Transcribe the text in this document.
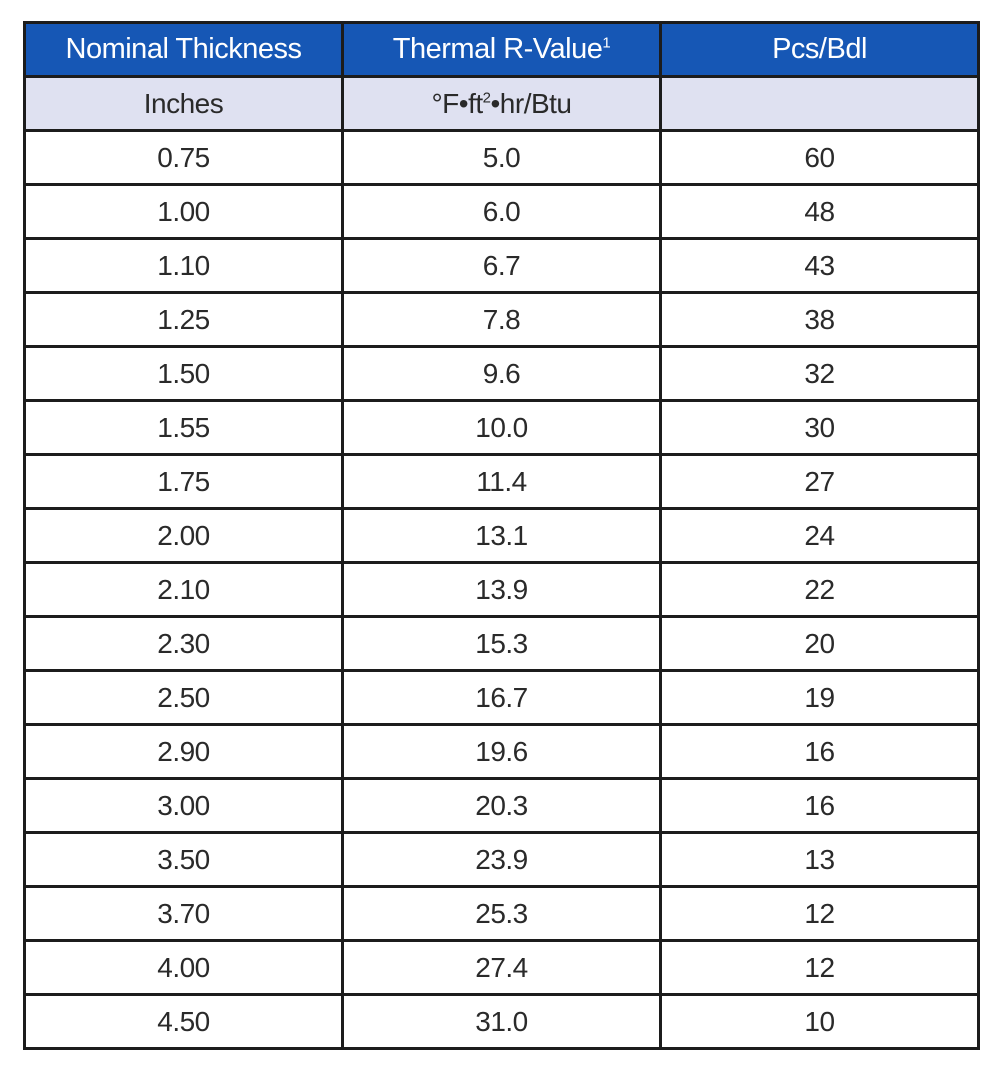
Nominal Thickness	Thermal R-Value$^1$	Pcs/Bdl
Inches	$^\circ F•ft^2•hr$/Btu	
0.75	5.0	60
1.00	6.0	48
1.10	6.7	43
1.25	7.8	38
1.50	9.6	32
1.55	10.0	30
1.75	11.4	27
2.00	13.1	24
2.10	13.9	22
2.30	15.3	20
2.50	16.7	19
2.90	19.6	16
3.00	20.3	16
3.50	23.9	13
3.70	25.3	12
4.00	27.4	12
4.50	31.0	10
